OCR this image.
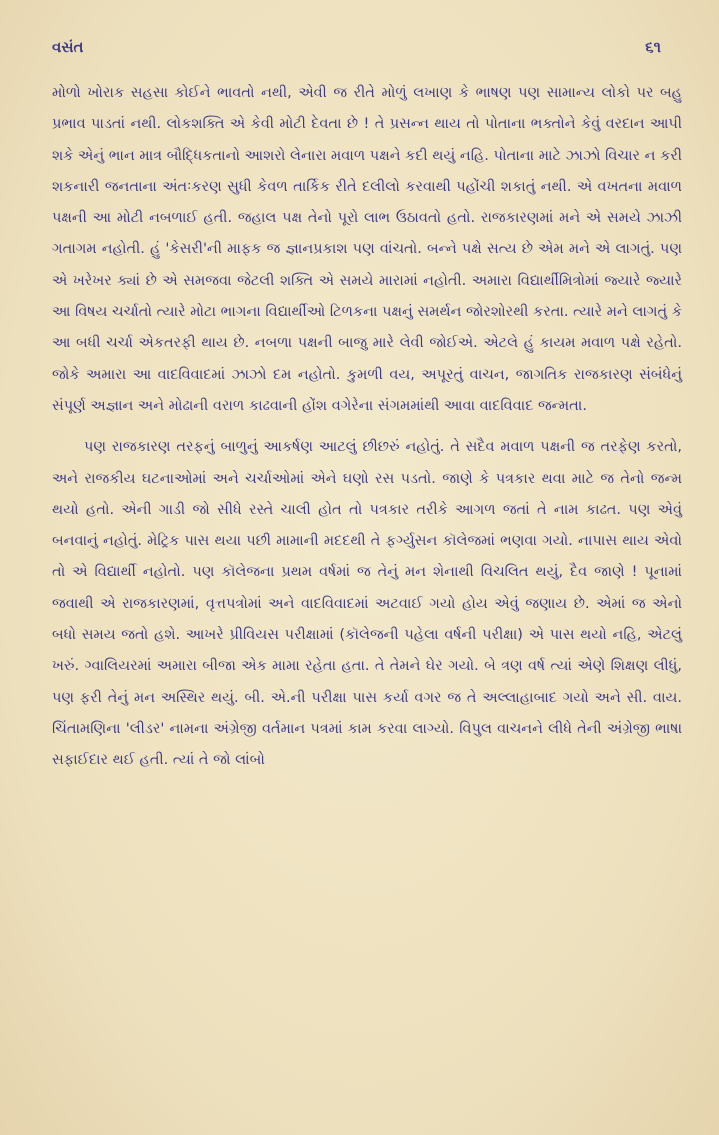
વસંત	૬૧

મોળો ખોરાક સહસા કોઈને ભાવતો નથી, એવી જ રીતે મોળું લખાણ કે ભાષણ પણ સામાન્ય લોકો પર બહુ પ્રભાવ પાડતાં નથી. લોકશક્તિ એ કેવી મોટી દેવતા છે ! તે પ્રસન્ન થાય તો પોતાના ભક્તોને કેવું વરદાન આપી શકે એનું ભાન માત્ર બૌદ્ધિકતાનો આશરો લેનારા મવાળ પક્ષને કદી થયું નહિ. પોતાના માટે ઝાઝો વિચાર ન કરી શકનારી જનતાના અંતઃકરણ સુધી કેવળ તાર્કિક રીતે દલીલો કરવાથી પહોંચી શકાતું નથી. એ વખતના મવાળ પક્ષની આ મોટી નબળાઈ હતી. જહાલ પક્ષ તેનો પૂરો લાભ ઉઠાવતો હતો. રાજકારણમાં મને એ સમયે ઝાઝી ગતાગમ નહોતી. હું 'કેસરી'ની માફક જ જ્ઞાનપ્રકાશ પણ વાંચતો. બન્ને પક્ષે સત્ય છે એમ મને એ લાગતું. પણ એ ખરેખર ક્યાં છે એ સમજવા જેટલી શક્તિ એ સમયે મારામાં નહોતી. અમારા વિદ્યાર્થીમિત્રોમાં જ્યારે જ્યારે આ વિષય ચર્ચાતો ત્યારે મોટા ભાગના વિદ્યાર્થીઓ ટિળકના પક્ષનું સમર્થન જોરશોરથી કરતા. ત્યારે મને લાગતું કે આ બધી ચર્ચા એકતરફી થાય છે. નબળા પક્ષની બાજુ મારે લેવી જોઈએ. એટલે હું કાયમ મવાળ પક્ષે રહેતો. જોકે અમારા આ વાદવિવાદમાં ઝાઝો દમ નહોતો. કુમળી વય, અપૂરતું વાચન, જાગતિક રાજકારણ સંબંધેનું સંપૂર્ણ અજ્ઞાન અને મોઢાની વરાળ કાઢવાની હોંશ વગેરેના સંગમમાંથી આવા વાદવિવાદ જન્મતા.

પણ રાજકારણ તરફનું બાળુનું આકર્ષણ આટલું છીછરું નહોતું. તે સદૈવ મવાળ પક્ષની જ તરફેણ કરતો, અને રાજકીય ઘટનાઓમાં અને ચર્ચાઓમાં એને ઘણો રસ પડતો. જાણે કે પત્રકાર થવા માટે જ તેનો જન્મ થયો હતો. એની ગાડી જો સીધે રસ્તે ચાલી હોત તો પત્રકાર તરીકે આગળ જતાં તે નામ કાઢત. પણ એવું બનવાનું નહોતું. મેટ્રિક પાસ થયા પછી મામાની મદદથી તે ફર્ગ્યુસન કૉલેજમાં ભણવા ગયો. નાપાસ થાય એવો તો એ વિદ્યાર્થી નહોતો. પણ કૉલેજના પ્રથમ વર્ષમાં જ તેનું મન શેનાથી વિચલિત થયું, દૈવ જાણે ! પૂનામાં જવાથી એ રાજકારણમાં, વૃત્તપત્રોમાં અને વાદવિવાદમાં અટવાઈ ગયો હોય એવું જણાય છે. એમાં જ એનો બધો સમય જતો હશે. આખરે પ્રીવિયસ પરીક્ષામાં (કૉલેજની પહેલા વર્ષની પરીક્ષા) એ પાસ થયો નહિ, એટલું ખરું. ગ્વાલિયરમાં અમારા બીજા એક મામા રહેતા હતા. તે તેમને ઘેર ગયો. બે ત્રણ વર્ષ ત્યાં એણે શિક્ષણ લીધું, પણ ફરી તેનું મન અસ્થિર થયું. બી. એ.ની પરીક્ષા પાસ કર્યા વગર જ તે અલ્લાહાબાદ ગયો અને સી. વાય. ચિંતામણિના 'લીડર' નામના અંગ્રેજી વર્તમાન પત્રમાં કામ કરવા લાગ્યો. વિપુલ વાચનને લીધે તેની અંગ્રેજી ભાષા સફાઈદાર થઈ હતી. ત્યાં તે જો લાંબો
